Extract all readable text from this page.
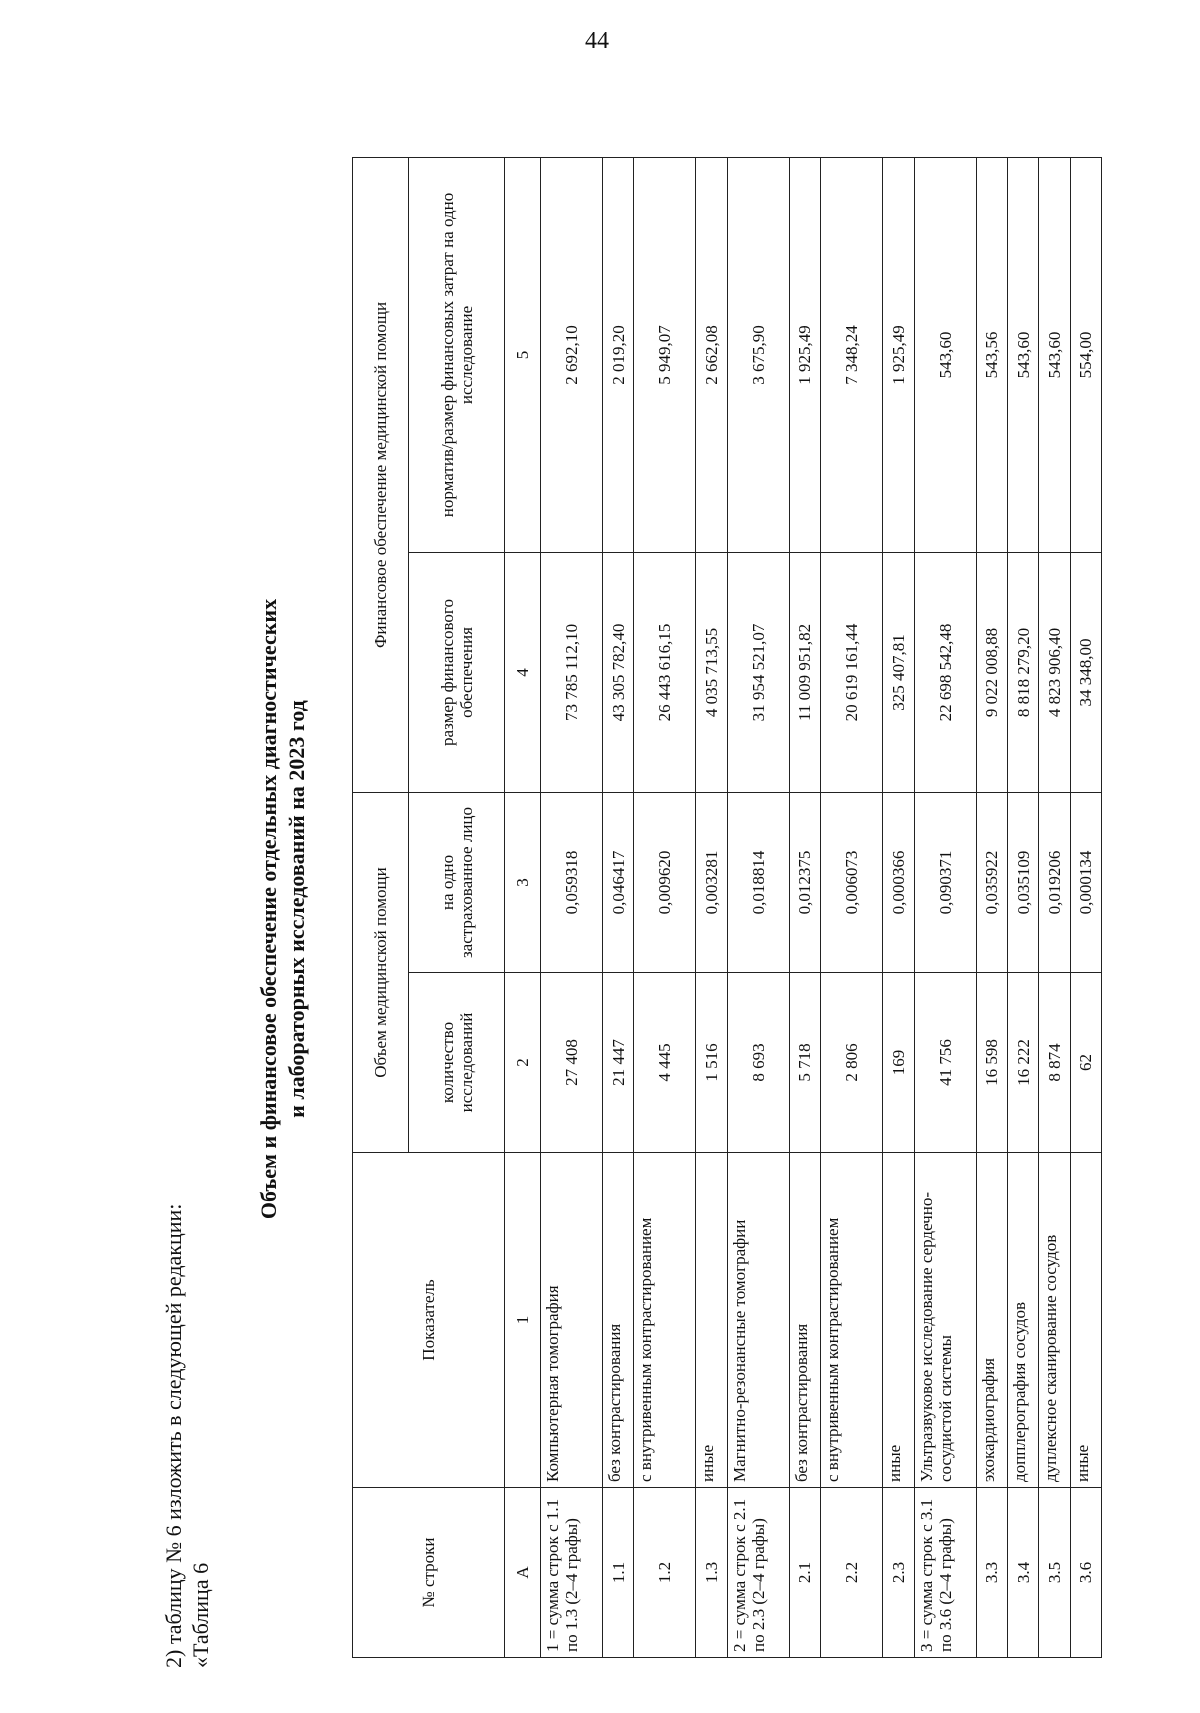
44
2) таблицу № 6 изложить в следующей редакции: «Таблица 6
Объем и финансовое обеспечение отдельных диагностических и лабораторных исследований на 2023 год
№ строки	Показатель	Объем медицинской помощи		Финансовое обеспечение медицинской помощи	
		количество исследований	на одно застрахованное лицо	размер финансового обеспечения	норматив/размер финансовых затрат на одно исследование
А	1	2	3	4	5
1 = сумма строк с 1.1 по 1.3 (2–4 графы)	Компьютерная томография	27 408	0,059318	73 785 112,10	2 692,10
1.1	без контрастирования	21 447	0,046417	43 305 782,40	2 019,20
1.2	с внутривенным контрастированием	4 445	0,009620	26 443 616,15	5 949,07
1.3	иные	1 516	0,003281	4 035 713,55	2 662,08
2 = сумма строк с 2.1 по 2.3 (2–4 графы)	Магнитно-резонансные томографии	8 693	0,018814	31 954 521,07	3 675,90
2.1	без контрастирования	5 718	0,012375	11 009 951,82	1 925,49
2.2	с внутривенным контрастированием	2 806	0,006073	20 619 161,44	7 348,24
2.3	иные	169	0,000366	325 407,81	1 925,49
3 = сумма строк с 3.1 по 3.6 (2–4 графы)	Ультразвуковое исследование сердечно-сосудистой системы	41 756	0,090371	22 698 542,48	543,60
3.3	эхокардиография	16 598	0,035922	9 022 008,88	543,56
3.4	допплерография сосудов	16 222	0,035109	8 818 279,20	543,60
3.5	дуплексное сканирование сосудов	8 874	0,019206	4 823 906,40	543,60
3.6	иные	62	0,000134	34 348,00	554,00
